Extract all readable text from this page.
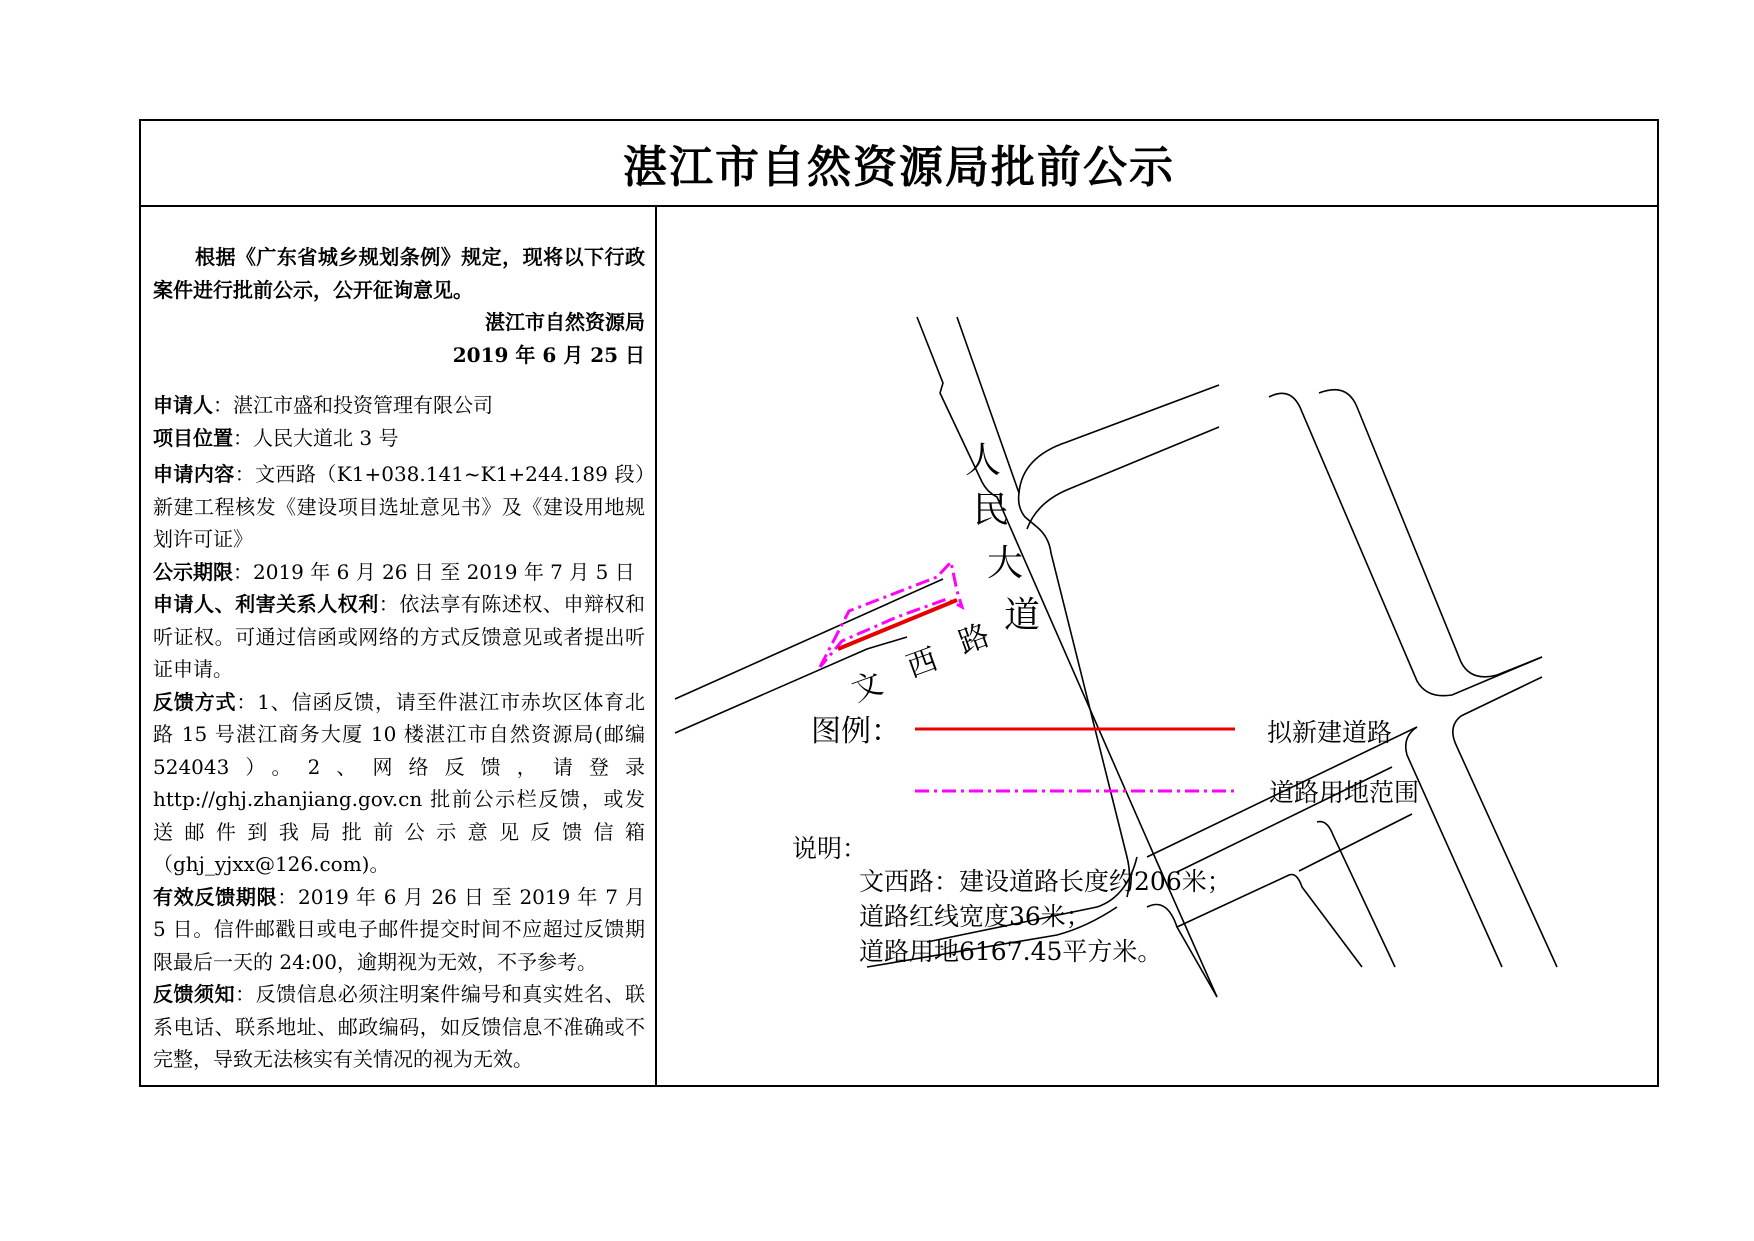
湛江市自然资源局批前公示

根据《广东省城乡规划条例》规定，现将以下行政案件进行批前公示，公开征询意见。

湛江市自然资源局

2019 年 6 月 25 日

申请人：湛江市盛和投资管理有限公司

项目位置：人民大道北 3 号

申请内容：文西路（K1+038.141~K1+244.189 段）新建工程核发《建设项目选址意见书》及《建设用地规划许可证》

公示期限：2019 年 6 月 26 日 至 2019 年 7 月 5 日

申请人、利害关系人权利：依法享有陈述权、申辩权和听证权。可通过信函或网络的方式反馈意见或者提出听证申请。

反馈方式：1、信函反馈，请至件湛江市赤坎区体育北路 15 号湛江商务大厦 10 楼湛江市自然资源局(邮编 524043）。2、网络反馈，请登录 http://ghj.zhanjiang.gov.cn 批前公示栏反馈，或发送邮件到我局批前公示意见反馈信箱（ghj_yjxx@126.com)。

有效反馈期限：2019 年 6 月 26 日 至 2019 年 7 月 5 日。信件邮戳日或电子邮件提交时间不应超过反馈期限最后一天的 24:00，逾期视为无效，不予参考。

反馈须知：反馈信息必须注明案件编号和真实姓名、联系电话、联系地址、邮政编码，如反馈信息不准确或不完整，导致无法核实有关情况的视为无效。

人
民
大
道
文
西
路
图例：	拟新建道路
道路用地范围
说明：
文西路：建设道路长度约206米；
道路红线宽度36米；
道路用地6167.45平方米。
